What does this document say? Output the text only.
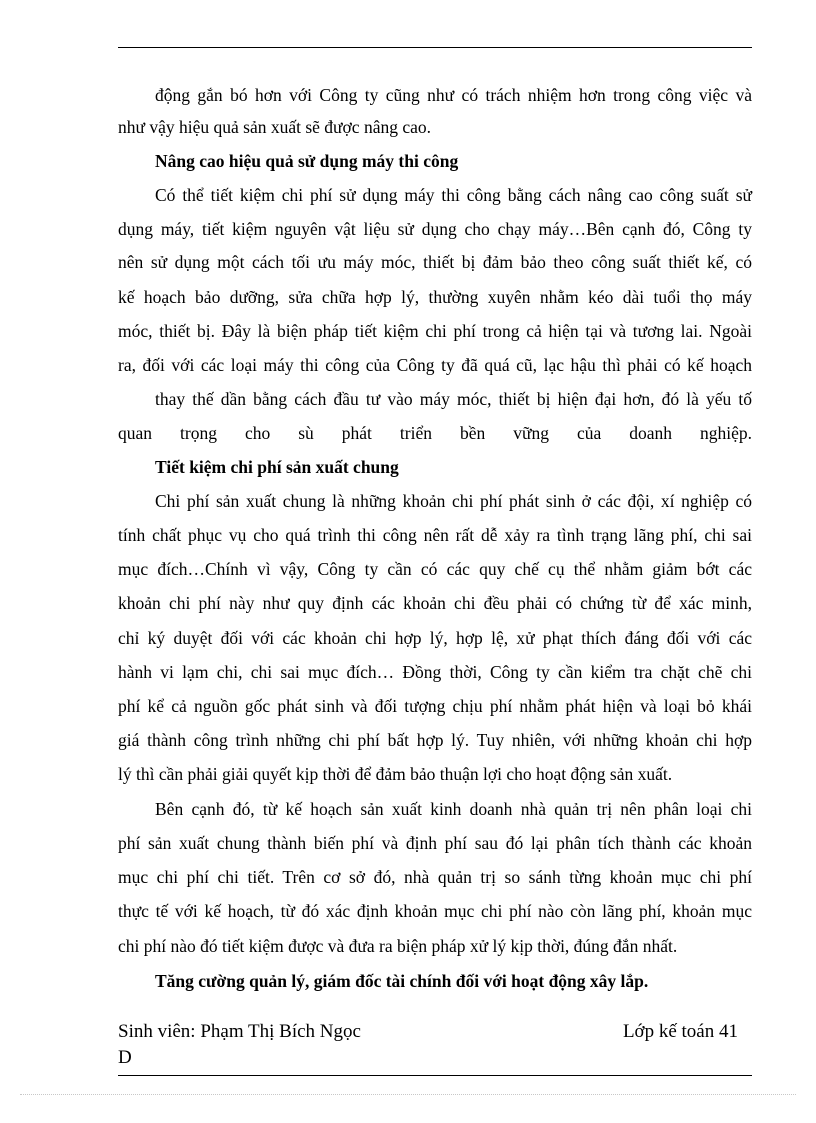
động gắn bó hơn với Công ty cũng như có trách nhiệm hơn trong công việc và
như vậy hiệu quả sản xuất sẽ được nâng cao.
Nâng cao hiệu quả sử dụng máy thi công
Có thể tiết kiệm chi phí sử dụng máy thi công bằng cách nâng cao công suất sử
dụng máy, tiết kiệm nguyên vật liệu sử dụng cho chạy máy…Bên cạnh đó, Công ty
nên sử dụng một cách tối ưu máy móc, thiết bị đảm bảo theo công suất thiết kế, có
kế hoạch bảo dưỡng, sửa chữa hợp lý, thường xuyên nhằm kéo dài tuổi thọ máy
móc, thiết bị. Đây là biện pháp tiết kiệm chi phí trong cả hiện tại và tương lai. Ngoài
ra, đối với các loại máy thi công của Công ty đã quá cũ, lạc hậu thì phải có kế hoạch
thay thế dần bằng cách đầu tư vào máy móc, thiết bị hiện đại hơn, đó là yếu tố
quan trọng cho sù phát triển bền vững của doanh nghiệp.
Tiết kiệm chi phí sản xuất chung
Chi phí sản xuất chung là những khoản chi phí phát sinh ở các đội, xí nghiệp có
tính chất phục vụ cho quá trình thi công nên rất dễ xảy ra tình trạng lãng phí, chi sai
mục đích…Chính vì vậy, Công ty cần có các quy chế cụ thể nhằm giảm bớt các
khoản chi phí này như quy định các khoản chi đều phải có chứng từ để xác minh,
chỉ ký duyệt đối với các khoản chi hợp lý, hợp lệ, xử phạt thích đáng đối với các
hành vi lạm chi, chi sai mục đích… Đồng thời, Công ty cần kiểm tra chặt chẽ chi
phí kể cả nguồn gốc phát sinh và đối tượng chịu phí nhằm phát hiện và loại bỏ khái
giá thành công trình những chi phí bất hợp lý. Tuy nhiên, với những khoản chi hợp
lý thì cần phải giải quyết kịp thời để đảm bảo thuận lợi cho hoạt động sản xuất.
Bên cạnh đó, từ kế hoạch sản xuất kinh doanh nhà quản trị nên phân loại chi
phí sản xuất chung thành biến phí và định phí sau đó lại phân tích thành các khoản
mục chi phí chi tiết. Trên cơ sở đó, nhà quản trị so sánh từng khoản mục chi phí
thực tế với kế hoạch, từ đó xác định khoản mục chi phí nào còn lãng phí, khoản mục
chi phí nào đó tiết kiệm được và đưa ra biện pháp xử lý kịp thời, đúng đắn nhất.
Tăng cường quản lý, giám đốc tài chính đối với hoạt động xây lắp.
Sinh viên: Phạm Thị Bích Ngọc
D
Lớp kế toán 41
